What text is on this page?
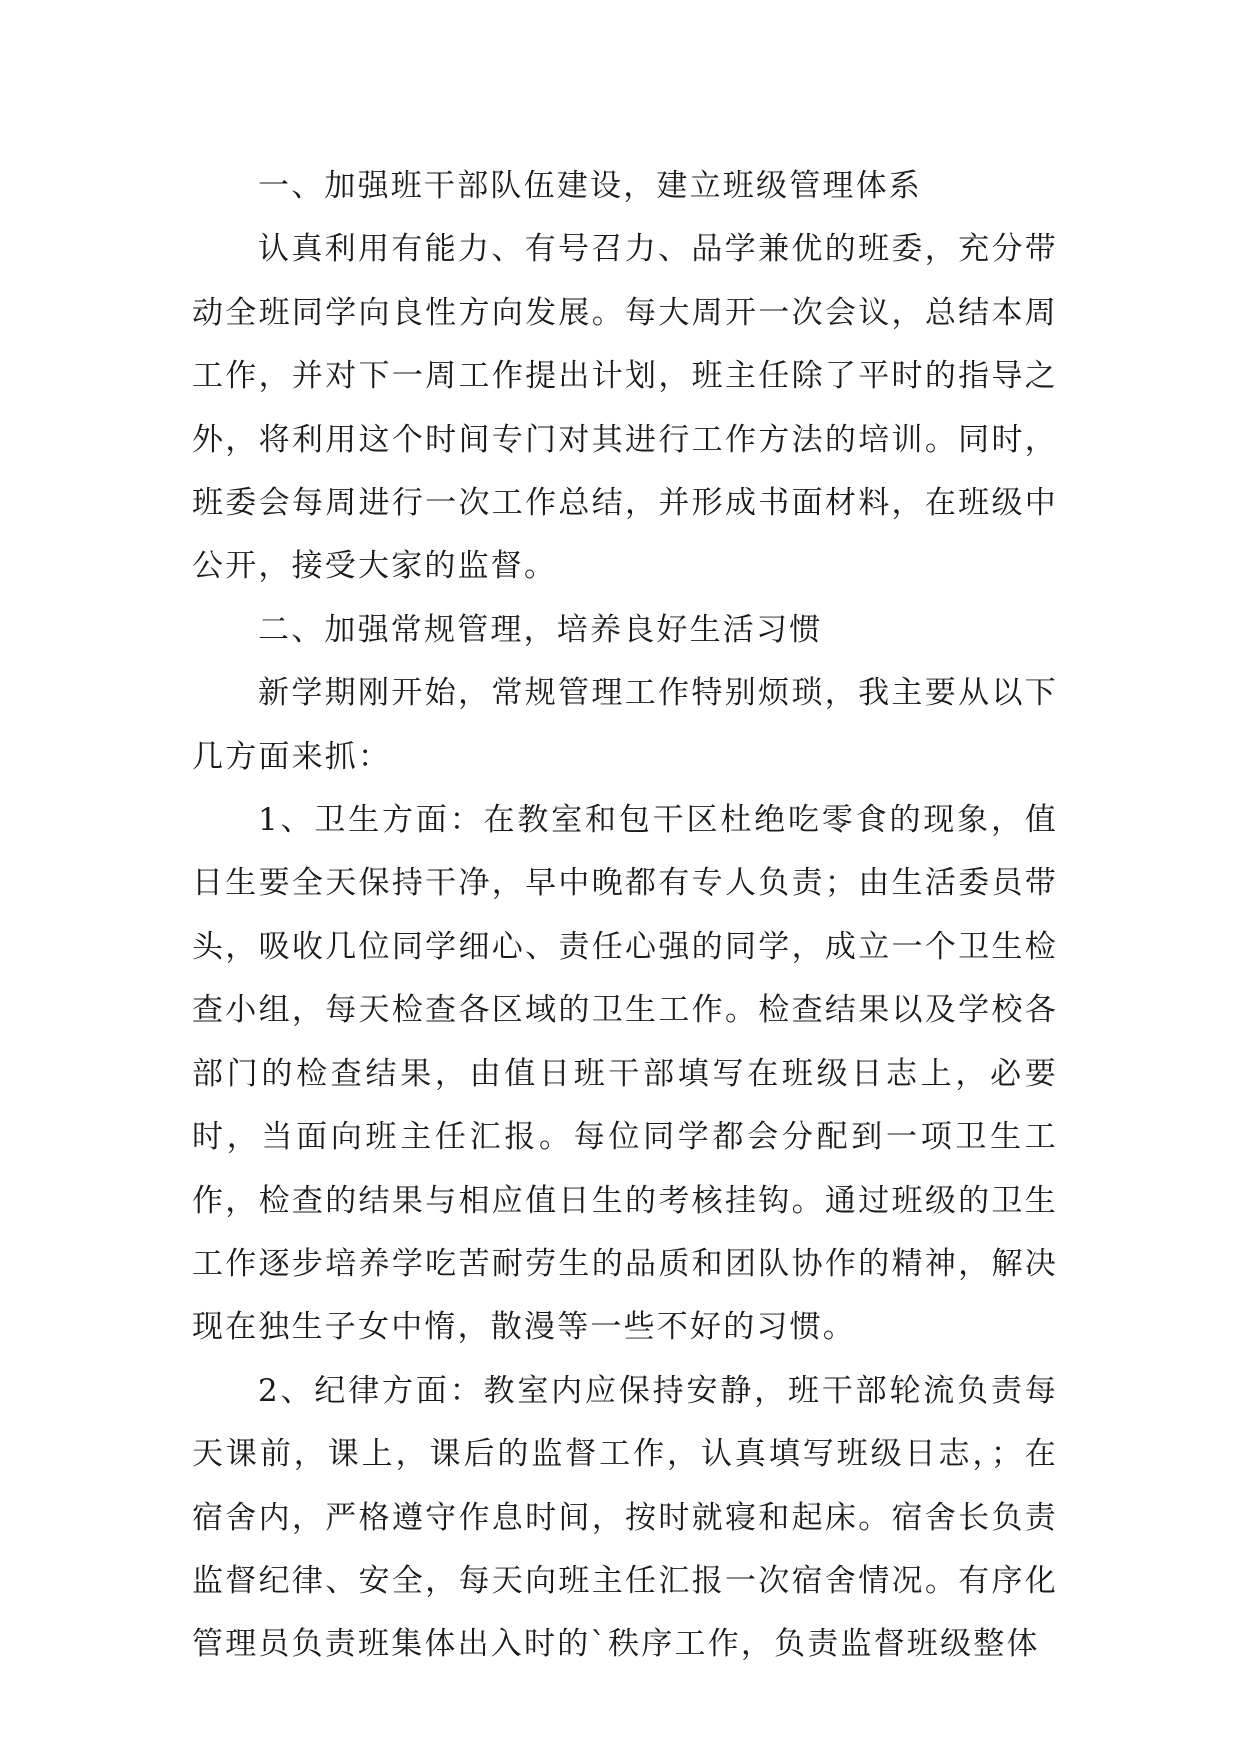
一、加强班干部队伍建设，建立班级管理体系

认真利用有能力、有号召力、品学兼优的班委，充分带动全班同学向良性方向发展。每大周开一次会议，总结本周工作，并对下一周工作提出计划，班主任除了平时的指导之外，将利用这个时间专门对其进行工作方法的培训。同时，班委会每周进行一次工作总结，并形成书面材料，在班级中公开，接受大家的监督。

二、加强常规管理，培养良好生活习惯

新学期刚开始，常规管理工作特别烦琐，我主要从以下几方面来抓：

1、卫生方面：在教室和包干区杜绝吃零食的现象，值日生要全天保持干净，早中晚都有专人负责；由生活委员带头，吸收几位同学细心、责任心强的同学，成立一个卫生检查小组，每天检查各区域的卫生工作。检查结果以及学校各部门的检查结果，由值日班干部填写在班级日志上，必要时，当面向班主任汇报。每位同学都会分配到一项卫生工作，检查的结果与相应值日生的考核挂钩。通过班级的卫生工作逐步培养学吃苦耐劳生的品质和团队协作的精神，解决现在独生子女中惰，散漫等一些不好的习惯。

2、纪律方面：教室内应保持安静，班干部轮流负责每天课前，课上，课后的监督工作，认真填写班级日志，；在宿舍内，严格遵守作息时间，按时就寝和起床。宿舍长负责监督纪律、安全，每天向班主任汇报一次宿舍情况。有序化管理员负责班集体出入时的`秩序工作，负责监督班级整体
